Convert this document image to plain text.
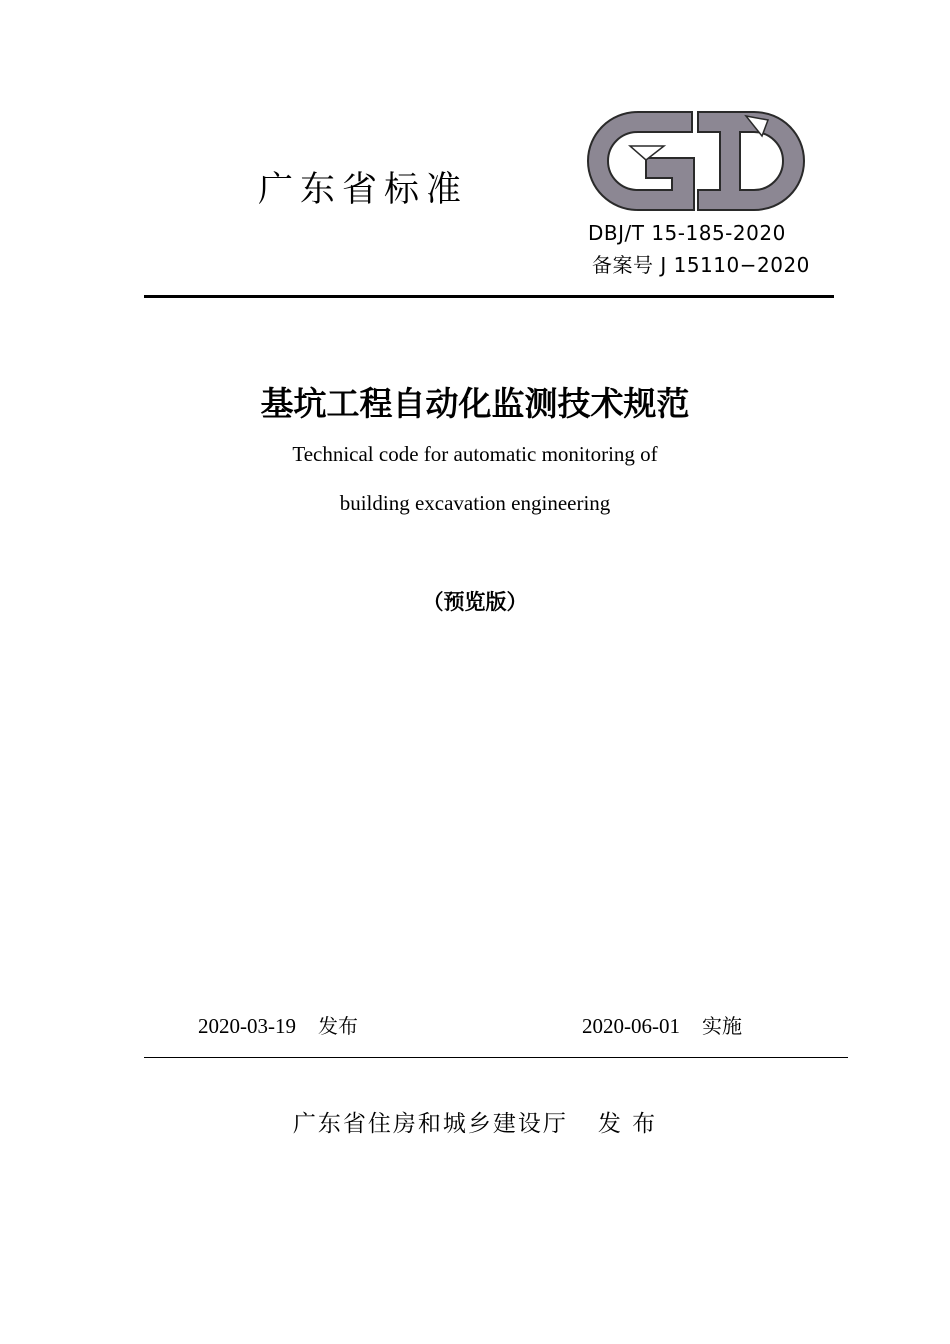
广东省标准
DBJ/T 15-185-2020
备案号 J 15110−2020
基坑工程自动化监测技术规范
Technical code for automatic monitoring of
building excavation engineering
（预览版）
2020-03-19 发布	2020-06-01 实施
广东省住房和城乡建设厅 发 布
